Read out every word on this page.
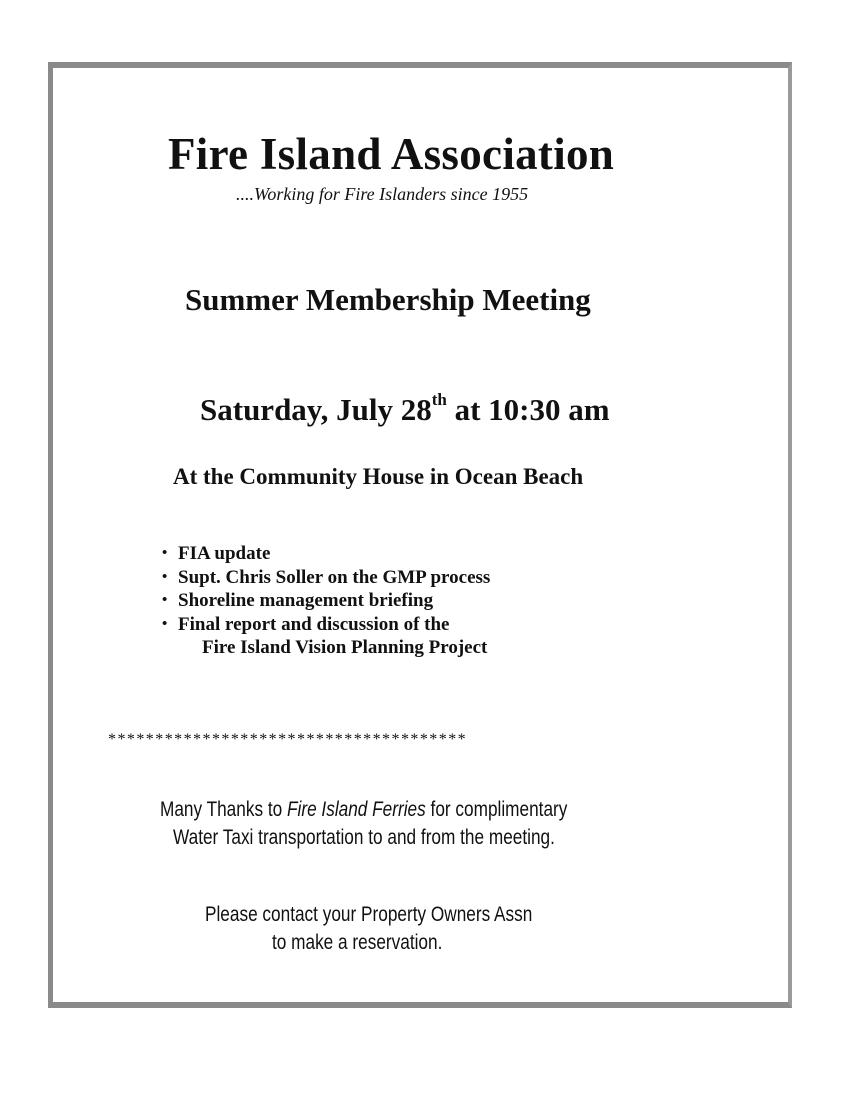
Fire Island Association
....Working for Fire Islanders since 1955
Summer Membership Meeting
Saturday, July 28th at 10:30 am
At the Community House in Ocean Beach
• FIA update
• Supt. Chris Soller on the GMP process
• Shoreline management briefing
• Final report and discussion of the
Fire Island Vision Planning Project
**************************************
Many Thanks to Fire Island Ferries for complimentary
Water Taxi transportation to and from the meeting.
Please contact your Property Owners Assn
to make a reservation.
